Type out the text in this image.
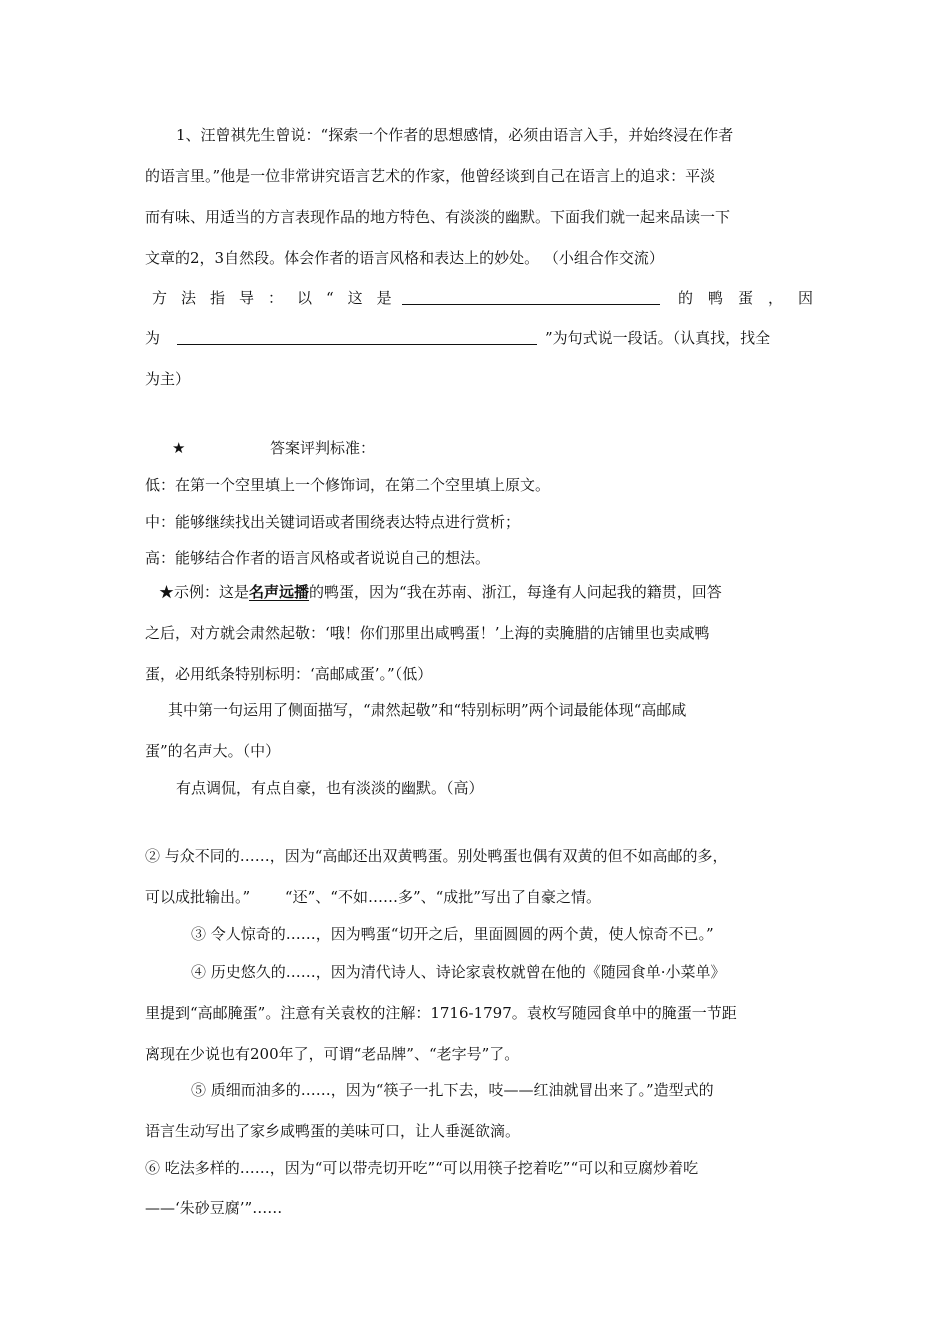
1、汪曾祺先生曾说：“探索一个作者的思想感情，必须由语言入手，并始终浸在作者
的语言里。”他是一位非常讲究语言艺术的作家，他曾经谈到自己在语言上的追求：平淡
而有味、用适当的方言表现作品的地方特色、有淡淡的幽默。下面我们就一起来品读一下
文章的2，3自然段。体会作者的语言风格和表达上的妙处。 （小组合作交流）
方法指导：以“这是	的鸭蛋，因
为	”为句式说一段话。（认真找，找全
为主）
★	答案评判标准：
低：在第一个空里填上一个修饰词，在第二个空里填上原文。
中：能够继续找出关键词语或者围绕表达特点进行赏析；
高：能够结合作者的语言风格或者说说自己的想法。
★示例：这是名声远播的鸭蛋，因为“我在苏南、浙江，每逢有人问起我的籍贯，回答
之后，对方就会肃然起敬：‘哦！你们那里出咸鸭蛋！’上海的卖腌腊的店铺里也卖咸鸭
蛋，必用纸条特别标明：‘高邮咸蛋’。”（低）
其中第一句运用了侧面描写，“肃然起敬”和“特别标明”两个词最能体现“高邮咸
蛋”的名声大。（中）
有点调侃，有点自豪，也有淡淡的幽默。（高）
② 与众不同的……，因为“高邮还出双黄鸭蛋。别处鸭蛋也偶有双黄的但不如高邮的多，
可以成批输出。”　　 “还”、“不如……多”、“成批”写出了自豪之情。
③ 令人惊奇的……，因为鸭蛋“切开之后，里面圆圆的两个黄，使人惊奇不已。”
④ 历史悠久的……，因为清代诗人、诗论家袁枚就曾在他的《随园食单·小菜单》
里提到“高邮腌蛋”。注意有关袁枚的注解：1716-1797。袁枚写随园食单中的腌蛋一节距
离现在少说也有200年了，可谓“老品牌”、“老字号”了。
⑤ 质细而油多的……，因为“筷子一扎下去，吱——红油就冒出来了。”造型式的
语言生动写出了家乡咸鸭蛋的美味可口，让人垂涎欲滴。
⑥ 吃法多样的……，因为“可以带壳切开吃”“可以用筷子挖着吃”“可以和豆腐炒着吃
——‘朱砂豆腐’”……
